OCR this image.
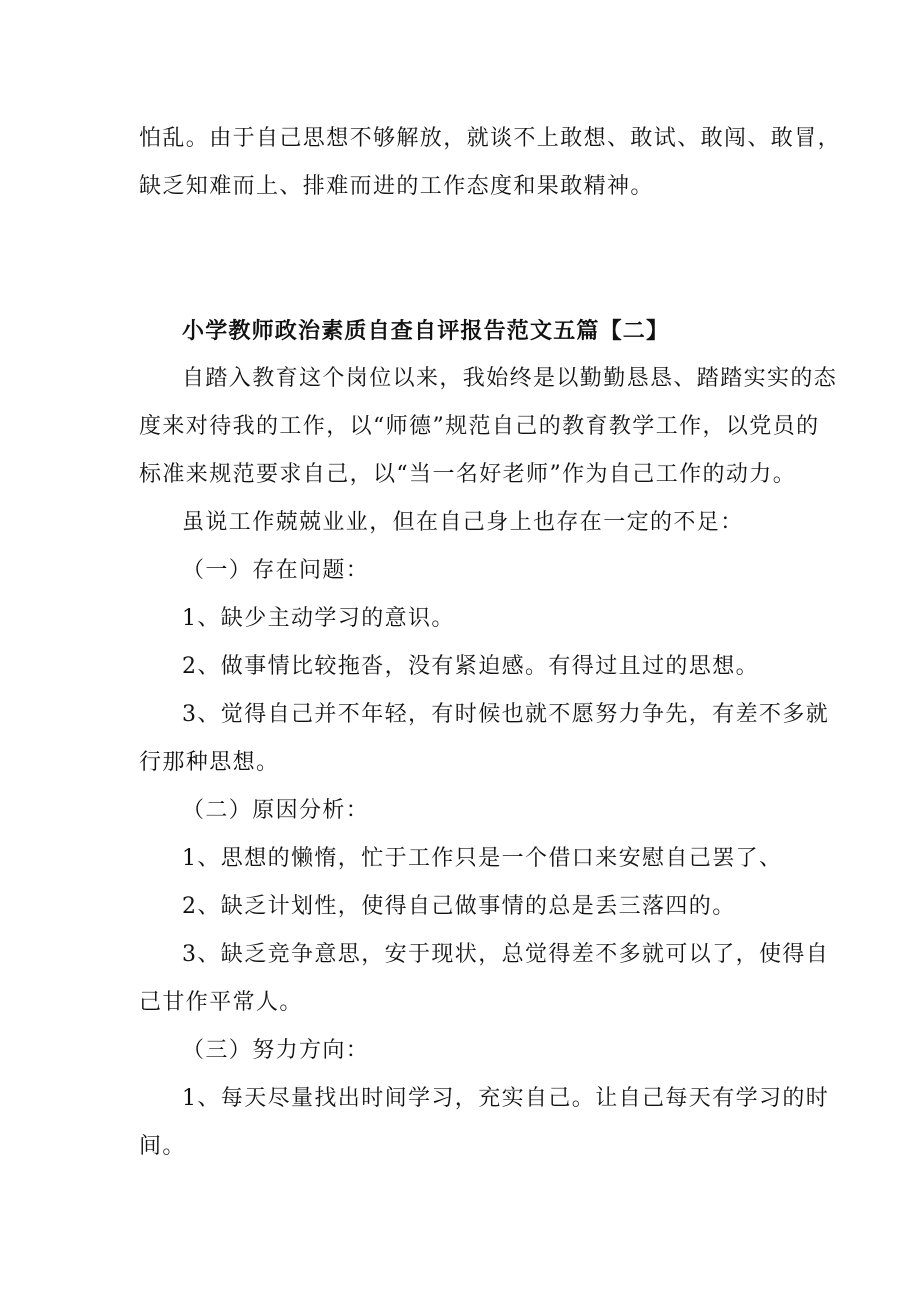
怕乱。由于自己思想不够解放，就谈不上敢想、敢试、敢闯、敢冒，
缺乏知难而上、排难而进的工作态度和果敢精神。
小学教师政治素质自查自评报告范文五篇【二】
自踏入教育这个岗位以来，我始终是以勤勤恳恳、踏踏实实的态
度来对待我的工作，以“师德”规范自己的教育教学工作，以党员的
标准来规范要求自己，以“当一名好老师”作为自己工作的动力。
虽说工作兢兢业业，但在自己身上也存在一定的不足：
（一）存在问题：
1、缺少主动学习的意识。
2、做事情比较拖沓，没有紧迫感。有得过且过的思想。
3、觉得自己并不年轻，有时候也就不愿努力争先，有差不多就
行那种思想。
（二）原因分析：
1、思想的懒惰，忙于工作只是一个借口来安慰自己罢了、
2、缺乏计划性，使得自己做事情的总是丢三落四的。
3、缺乏竞争意思，安于现状，总觉得差不多就可以了，使得自
己甘作平常人。
（三）努力方向：
1、每天尽量找出时间学习，充实自己。让自己每天有学习的时
间。
